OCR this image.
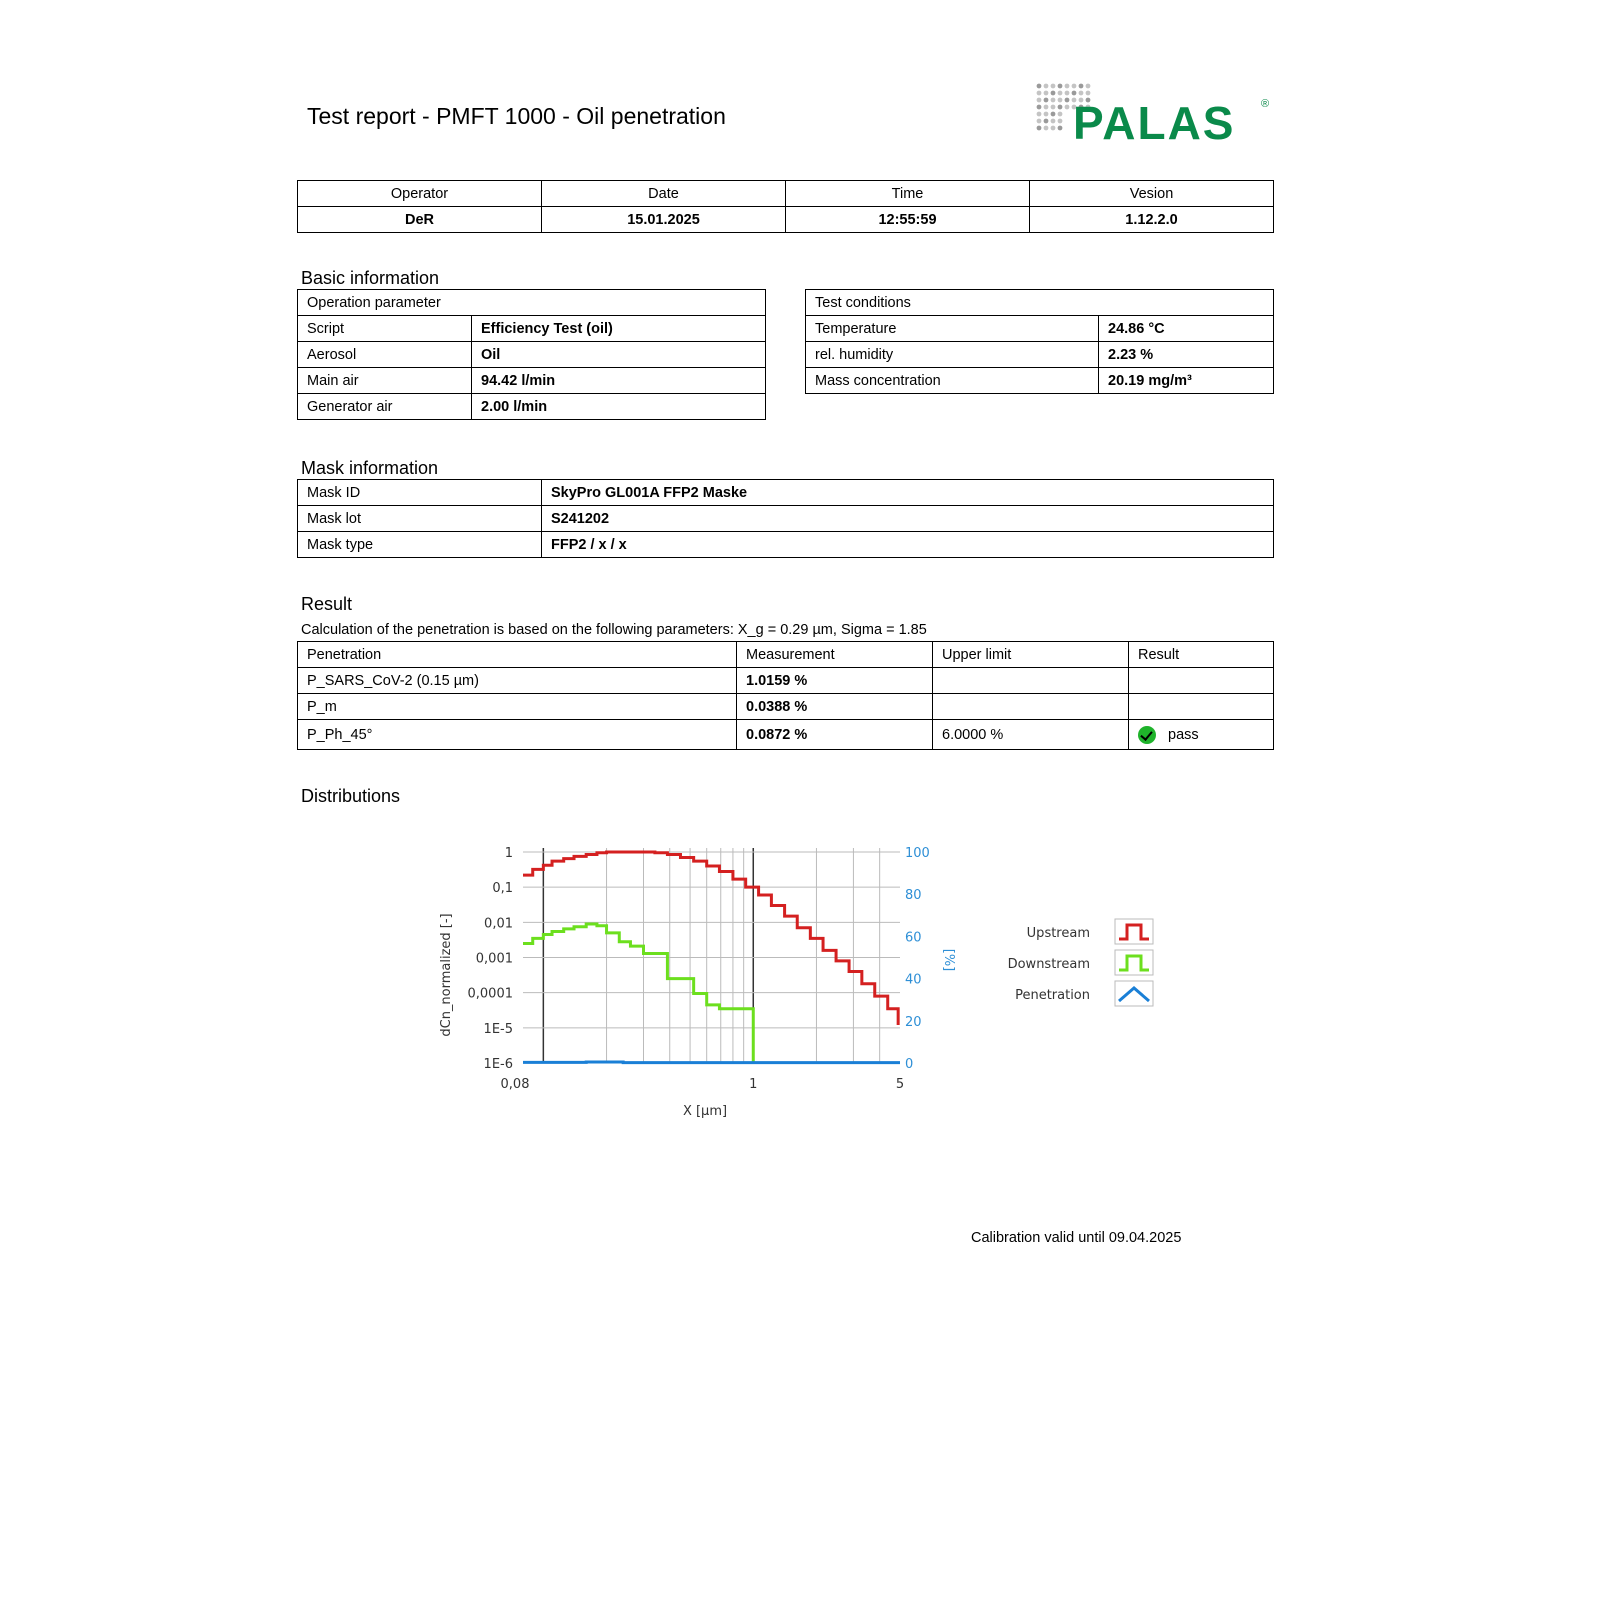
Test report - PMFT 1000 - Oil penetration	PALAS ®
Operator	Date	Time	Vesion
DeR	15.01.2025	12:55:59	1.12.2.0
Basic information
Operation parameter	
Script	Efficiency Test (oil)
Aerosol	Oil
Main air	94.42 l/min
Generator air	2.00 l/min
Test conditions	
Temperature	24.86 °C
rel. humidity	2.23 %
Mass concentration	20.19 mg/m³
Mask information
Mask ID	SkyPro GL001A FFP2 Maske
Mask lot	S241202
Mask type	FFP2 / x / x
Result
Calculation of the penetration is based on the following parameters: X_g = 0.29 µm, Sigma = 1.85
Penetration	Measurement	Upper limit	Result
P_SARS_CoV-2 (0.15 µm)	1.0159 %		
P_m	0.0388 %		
P_Ph_45°	0.0872 %	6.0000 %	pass
Distributions
1
0,1
0,01
0,001
0,0001
1E-5
1E-6
100
80
60
40
20
0
0,08	1	5
X [µm]
dCn_normalized [-]	[%]
Upstream
Downstream
Penetration
Calibration valid until 09.04.2025
